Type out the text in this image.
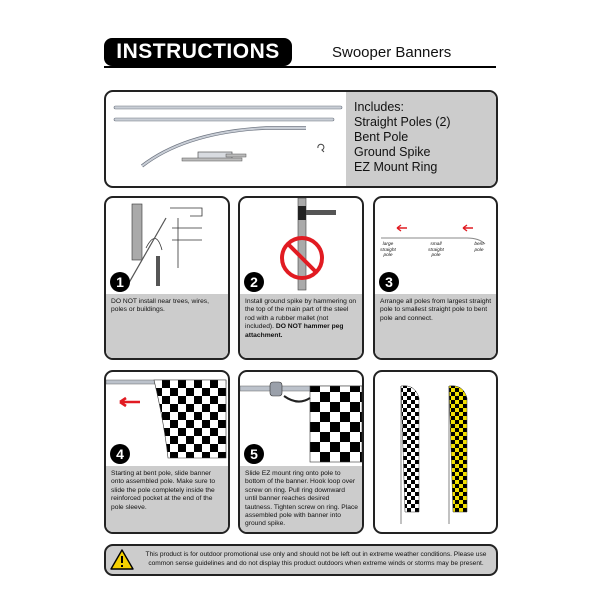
INSTRUCTIONS	Swooper Banners
Includes:
Straight Poles (2)
Bent Pole
Ground Spike
EZ Mount Ring
1
DO NOT install near trees, wires, poles or buildings.
2
Install ground spike by hammering on the top of the main part of the steel rod with a rubber mallet (not included). DO NOT hammer peg attachment.
large straight pole
small straight pole
bent pole
3
Arrange all poles from largest straight pole to smallest straight pole to bent pole and connect.
4
Starting at bent pole, slide banner onto assembled pole. Make sure to slide the pole completely inside the reinforced pocket at the end of the pole sleeve.
5
Slide EZ mount ring onto pole to bottom of the banner. Hook loop over screw on ring. Pull ring downward until banner reaches desired tautness. Tighten screw on ring. Place assembled pole with banner into ground spike.
This product is for outdoor promotional use only and should not be left out in extreme weather conditions. Please use common sense guidelines and do not display this product outdoors when extreme winds or storms may be present.
